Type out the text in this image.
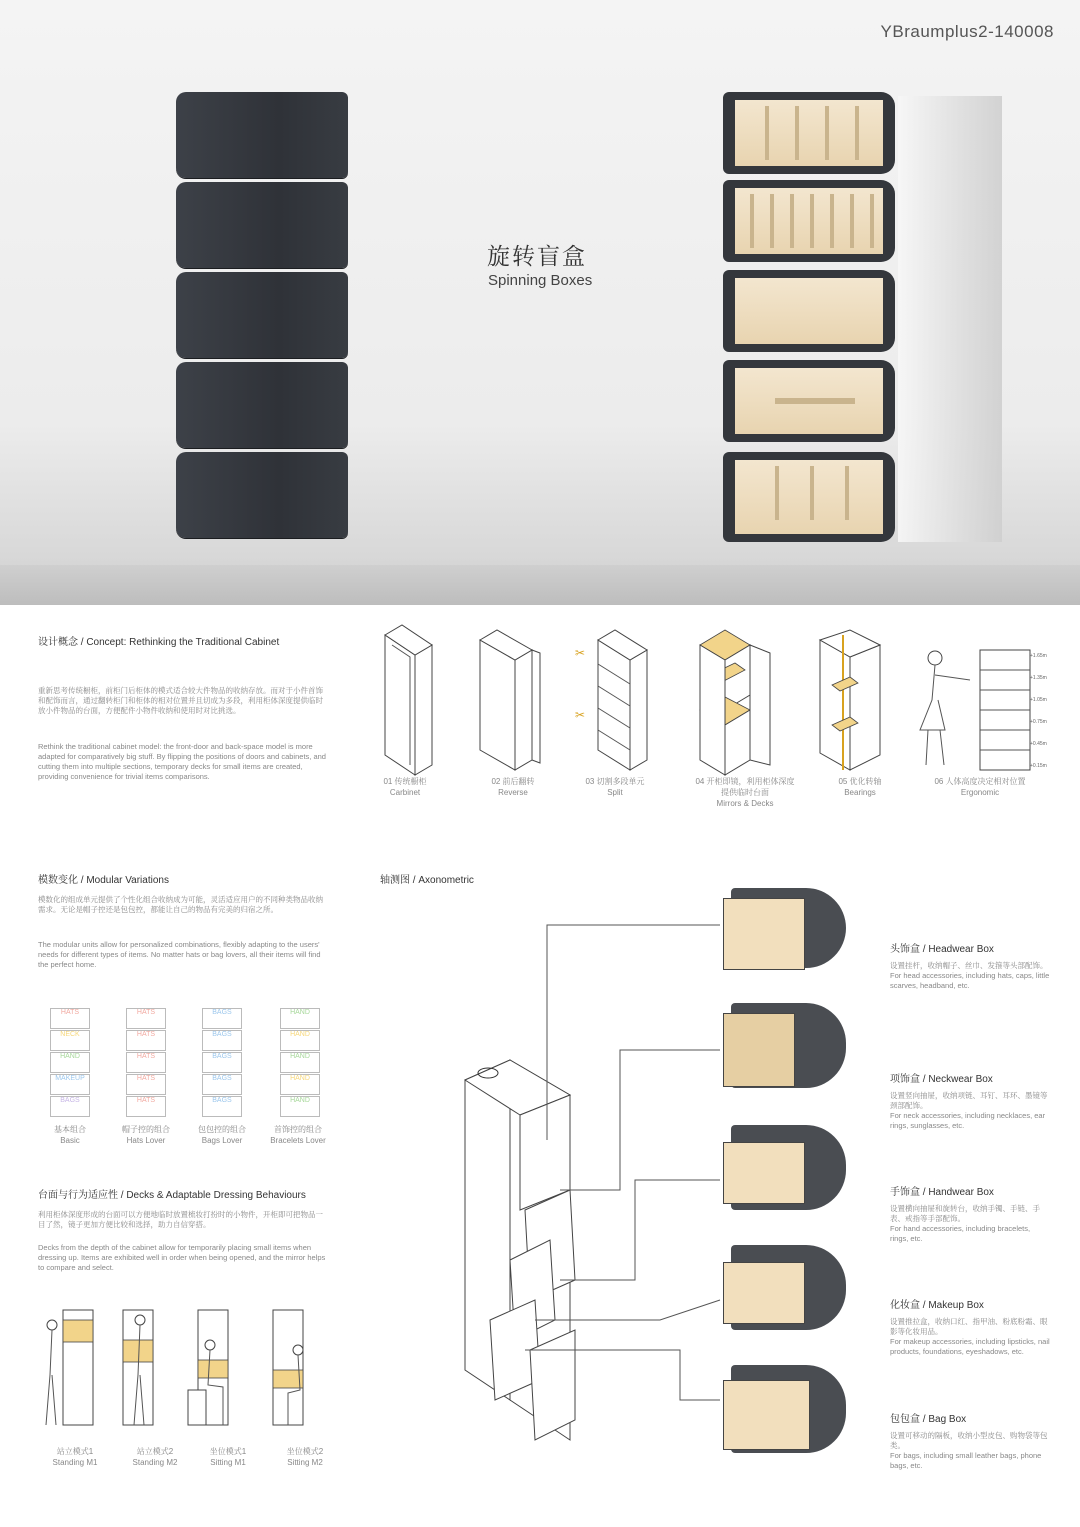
YBraumplus2-140008
旋转盲盒
Spinning Boxes
设计概念 / Concept: Rethinking the Traditional Cabinet
重新思考传统橱柜，前柜门后柜体的模式适合较大件物品的收纳存放。而对于小件首饰和配饰而言，通过翻转柜门和柜体的相对位置并且切成为多段，利用柜体深度提供临时放小件物品的台面，方便配件小物件收纳和使用时对比挑选。
Rethink the traditional cabinet model: the front-door and back-space model is more adapted for comparatively big stuff. By flipping the positions of doors and cabinets, and cutting them into multiple sections, temporary decks for small items are created, providing convenience for trivial items comparisons.
✂
✂
+1.65m
+1.35m
+1.05m
+0.75m
+0.45m
+0.15m
01 传统橱柜
Carbinet
02 前后翻转
Reverse
03 切割多段单元
Split
04 开柜即镜，利用柜体深度提供临时台面
Mirrors & Decks
05 优化转轴
Bearings
06 人体高度决定相对位置
Ergonomic
模数变化 / Modular Variations
模数化的组成单元提供了个性化组合收纳成为可能，灵活适应用户的不同种类物品收纳需求。无论是帽子控还是包包控，都能让自己的物品有完美的归宿之所。
The modular units allow for personalized combinations, flexibly adapting to the users' needs for different types of items. No matter hats or bag lovers, all their items will find the perfect home.
HATS
NECK
HAND
MAKEUP
BAGS
HATS
HATS
HATS
HATS
HATS
BAGS
BAGS
BAGS
BAGS
BAGS
HAND
HAND
HAND
HAND
HAND
基本组合
Basic
帽子控的组合
Hats Lover
包包控的组合
Bags Lover
首饰控的组合
Bracelets Lover
台面与行为适应性 / Decks & Adaptable Dressing Behaviours
利用柜体深度形成的台面可以方便地临时放置梳妆打扮时的小物件，开柜即可把物品一目了然，镜子更加方便比较和选择，助力自信穿搭。
Decks from the depth of the cabinet allow for temporarily placing small items when dressing up. Items are exhibited well in order when being opened, and the mirror helps to compare and select.
站立模式1
Standing M1
站立模式2
Standing M2
坐位模式1
Sitting M1
坐位模式2
Sitting M2
轴测图 / Axonometric
头饰盒 / Headwear Box
设置挂杆，收纳帽子、丝巾、发箍等头部配饰。
For head accessories, including hats, caps, little scarves, headband, etc.
项饰盒 / Neckwear Box
设置竖向抽屉，收纳项链、耳钉、耳环、墨镜等颈部配饰。
For neck accessories, including necklaces, ear rings, sunglasses, etc.
手饰盒 / Handwear Box
设置横向抽屉和旋转台，收纳手镯、手链、手表、戒指等手部配饰。
For hand accessories, including bracelets, rings, etc.
化妆盒 / Makeup Box
设置推拉盒，收纳口红、指甲油、粉底粉霜、眼影等化妆用品。
For makeup accessories, including lipsticks, nail products, foundations, eyeshadows, etc.
包包盒 / Bag Box
设置可移动的隔板，收纳小型皮包、购物袋等包类。
For bags, including small leather bags, phone bags, etc.
